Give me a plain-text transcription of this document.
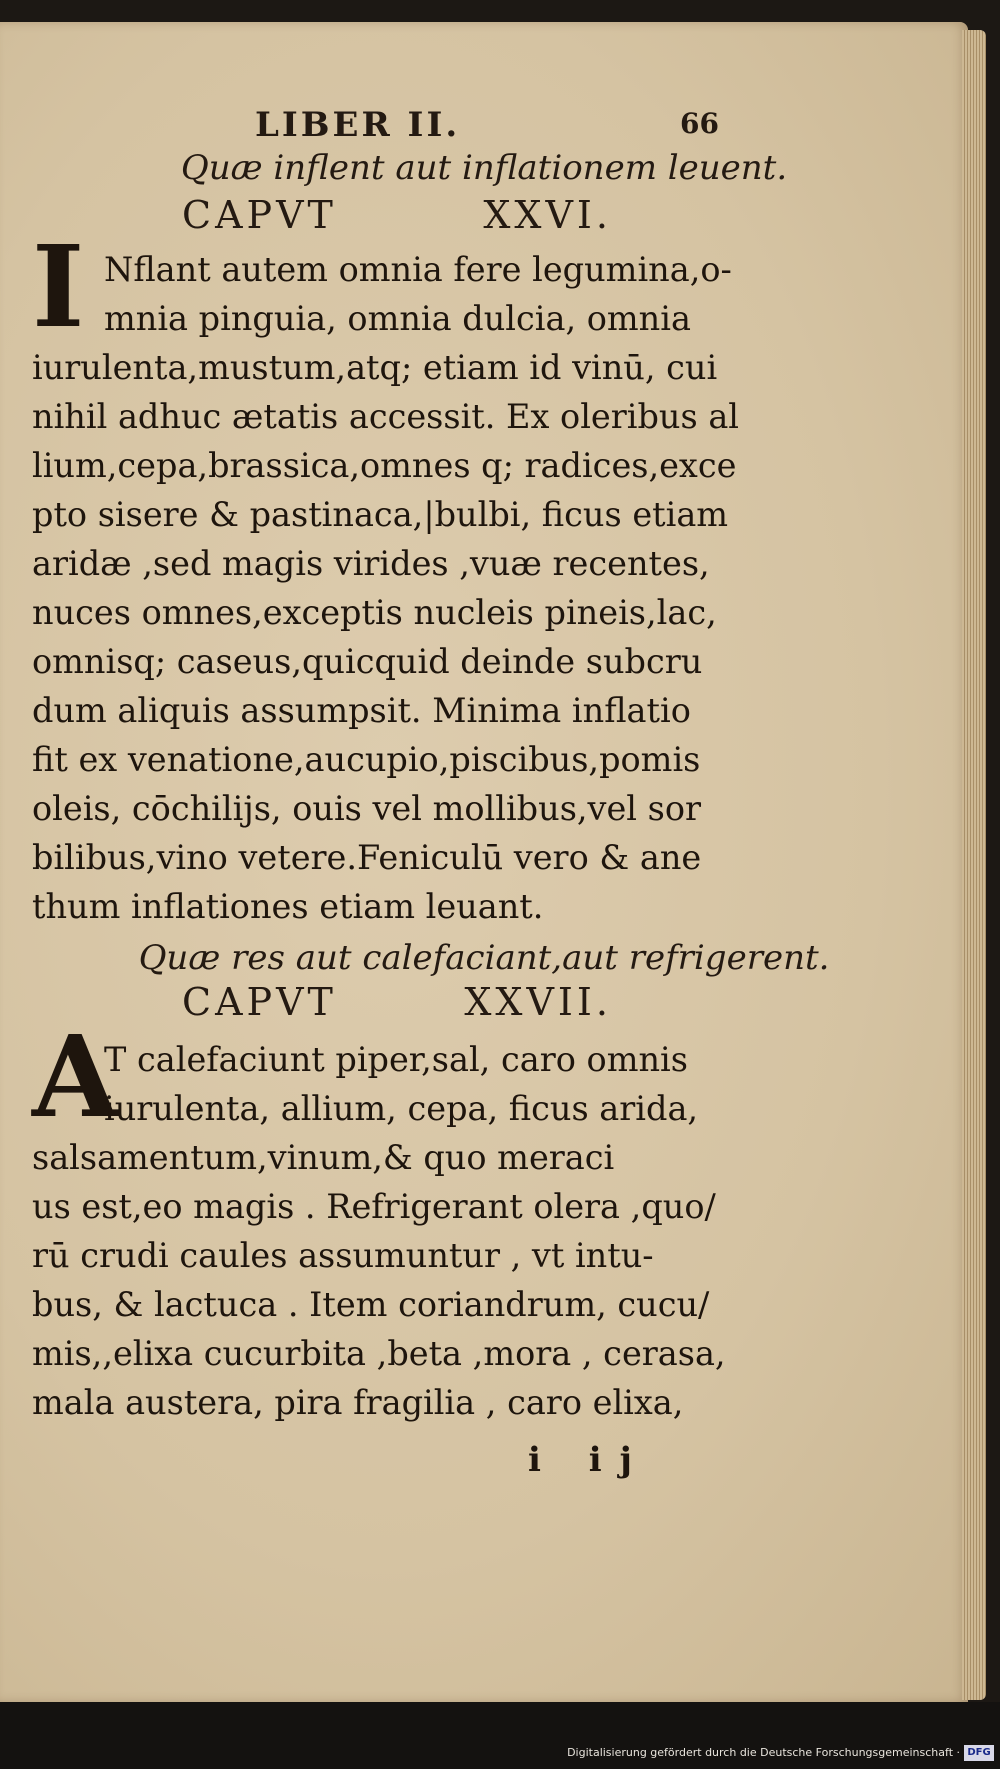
LIBER II.	66
Quæ inflent aut inflationem leuent.
CAPVT	XXVI.
I Nflant autem omnia fere legumina,o-
mnia pinguia, omnia dulcia, omnia
iurulenta,mustum,atq; etiam id vinū, cui
nihil adhuc ætatis accessit. Ex oleribus al
lium,cepa,brassica,omnes q; radices,exce
pto sisere & pastinaca,|bulbi, ficus etiam
aridæ ,sed magis virides ,vuæ recentes,
nuces omnes,exceptis nucleis pineis,lac,
omnisq; caseus,quicquid deinde subcru
dum aliquis assumpsit. Minima inflatio
fit ex venatione,aucupio,piscibus,pomis
oleis, cōchilijs, ouis vel mollibus,vel sor
bilibus,vino vetere.Feniculū vero & ane
thum inflationes etiam leuant.
Quæ res aut calefaciant,aut refrigerent.
CAPVT	XXVII.
A
T calefaciunt piper,sal, caro omnis
iurulenta, allium, cepa, ficus arida,
salsamentum,vinum,& quo meraci
us est,eo magis . Refrigerant olera ,quo/
rū crudi caules assumuntur , vt intu-
bus, & lactuca . Item coriandrum, cucu/
mis,,elixa cucurbita ,beta ,mora , cerasa,
mala austera, pira fragilia , caro elixa,
i ij
Digitalisierung gefördert durch die Deutsche Forschungsgemeinschaft · DFG
